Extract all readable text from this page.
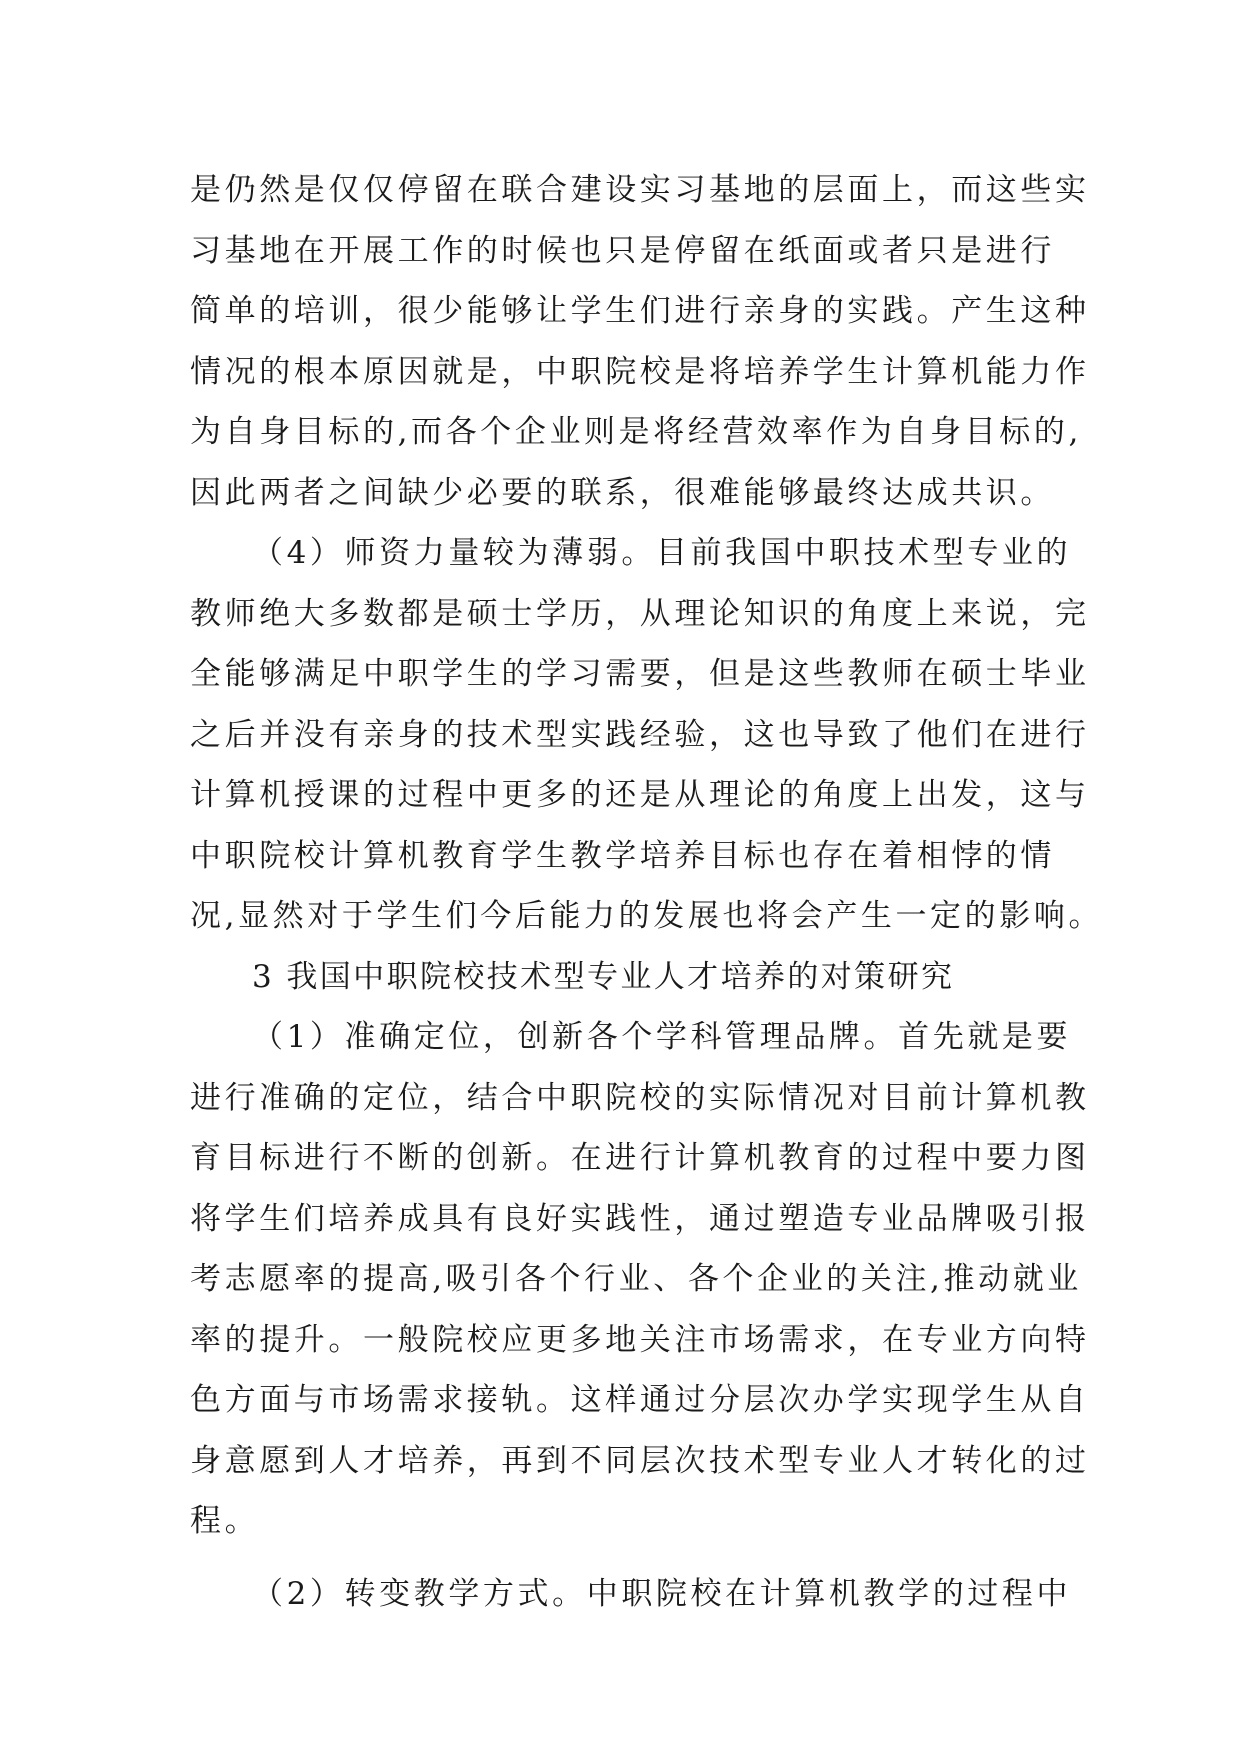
是仍然是仅仅停留在联合建设实习基地的层面上，而这些实
习基地在开展工作的时候也只是停留在纸面或者只是进行
简单的培训，很少能够让学生们进行亲身的实践。产生这种
情况的根本原因就是，中职院校是将培养学生计算机能力作
为自身目标的,而各个企业则是将经营效率作为自身目标的,
因此两者之间缺少必要的联系，很难能够最终达成共识。
（4）师资力量较为薄弱。目前我国中职技术型专业的
教师绝大多数都是硕士学历，从理论知识的角度上来说，完
全能够满足中职学生的学习需要，但是这些教师在硕士毕业
之后并没有亲身的技术型实践经验，这也导致了他们在进行
计算机授课的过程中更多的还是从理论的角度上出发，这与
中职院校计算机教育学生教学培养目标也存在着相悖的情
况,显然对于学生们今后能力的发展也将会产生一定的影响。
3 我国中职院校技术型专业人才培养的对策研究
（1）准确定位，创新各个学科管理品牌。首先就是要
进行准确的定位，结合中职院校的实际情况对目前计算机教
育目标进行不断的创新。在进行计算机教育的过程中要力图
将学生们培养成具有良好实践性，通过塑造专业品牌吸引报
考志愿率的提高,吸引各个行业、各个企业的关注,推动就业
率的提升。一般院校应更多地关注市场需求，在专业方向特
色方面与市场需求接轨。这样通过分层次办学实现学生从自
身意愿到人才培养，再到不同层次技术型专业人才转化的过
程。
（2）转变教学方式。中职院校在计算机教学的过程中
